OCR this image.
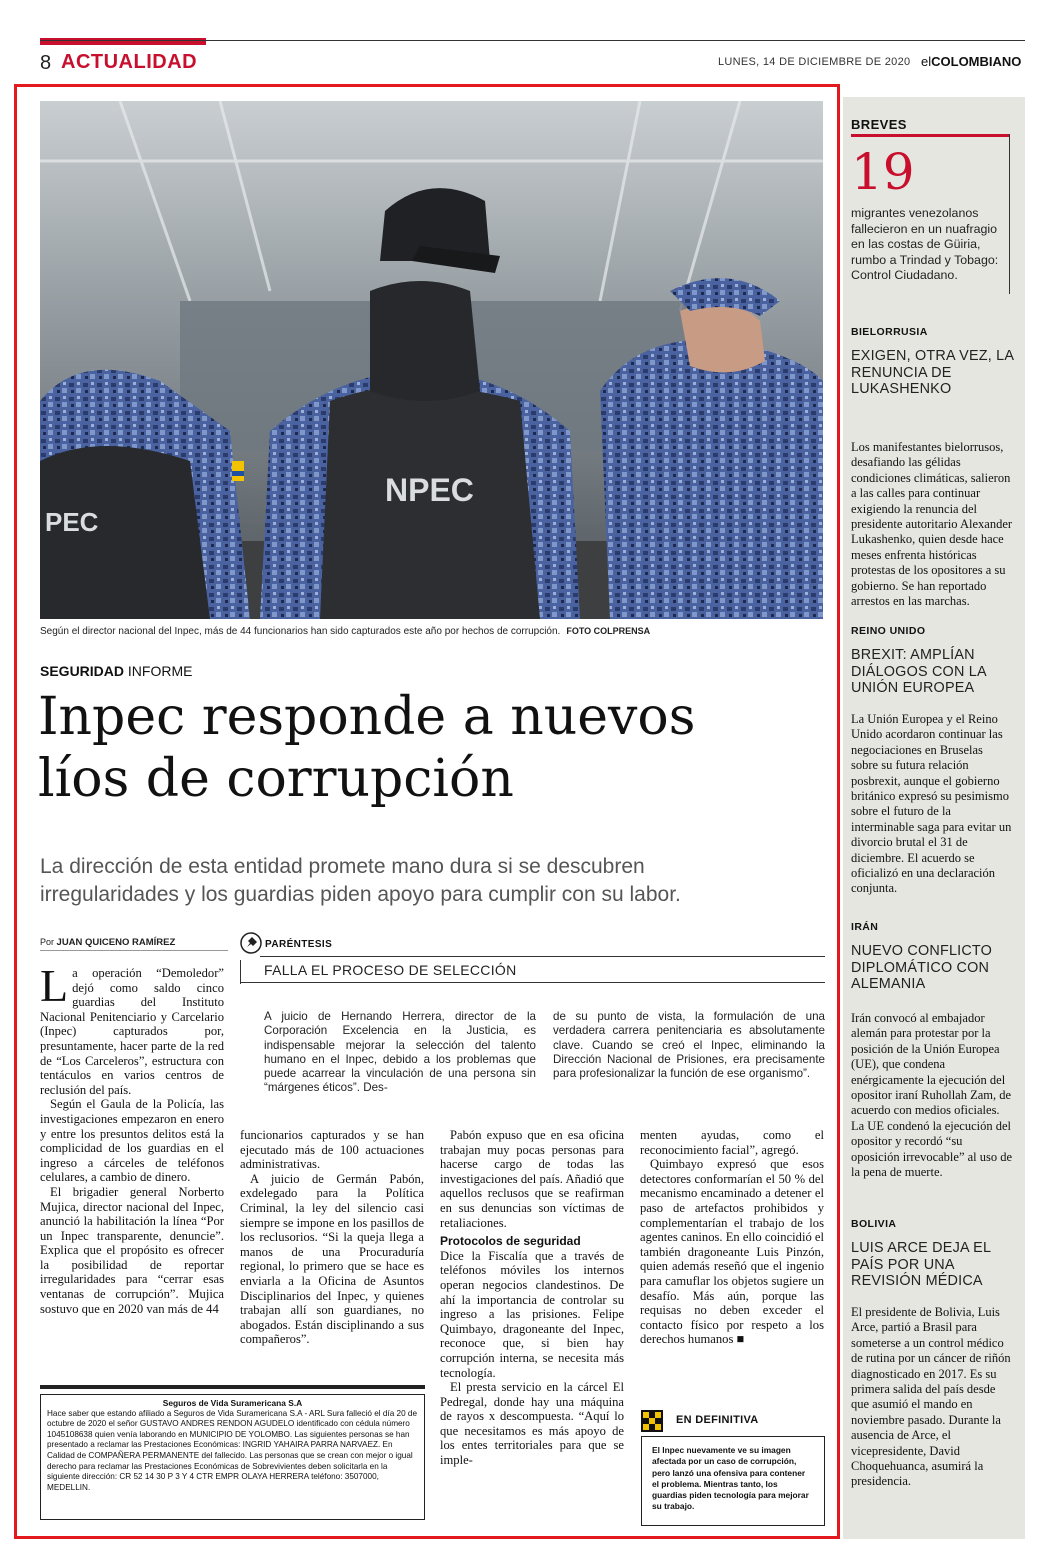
8 ACTUALIDAD	LUNES, 14 DE DICIEMBRE DE 2020 elCOLOMBIANO
PEC
NPEC
Según el director nacional del Inpec, más de 44 funcionarios han sido capturados este año por hechos de corrupción. FOTO COLPRENSA
SEGURIDAD INFORME
Inpec responde a nuevos
líos de corrupción
La dirección de esta entidad promete mano dura si se descubren
irregularidades y los guardias piden apoyo para cumplir con su labor.
Por JUAN QUICENO RAMÍREZ

La operación “Demoledor” dejó como saldo cinco guardias del Instituto Nacional Penitenciario y Carcelario (Inpec) capturados por, presuntamente, hacer parte de la red de “Los Carceleros”, estructura con tentáculos en varios centros de reclusión del país.

Según el Gaula de la Policía, las investigaciones empezaron en enero y entre los presuntos delitos está la complicidad de los guardias en el ingreso a cárceles de teléfonos celulares, a cambio de dinero.

El brigadier general Norberto Mujica, director nacional del Inpec, anunció la habilitación la línea “Por un Inpec transparente, denuncie”. Explica que el propósito es ofrecer la posibilidad de reportar irregularidades para “cerrar esas ventanas de corrupción”. Mujica sostuvo que en 2020 van más de 44

PARÉNTESIS
FALLA EL PROCESO DE SELECCIÓN
A juicio de Hernando Herrera, director de la Corporación Excelencia en la Justicia, es indispensable mejorar la selección del talento humano en el Inpec, debido a los problemas que puede acarrear la vinculación de una persona sin “márgenes éticos”. Des-
de su punto de vista, la formulación de una verdadera carrera penitenciaria es absolutamente clave. Cuando se creó el Inpec, eliminando la Dirección Nacional de Prisiones, era precisamente para profesionalizar la función de ese organismo”.

funcionarios capturados y se han ejecutado más de 100 actuaciones administrativas.

A juicio de Germán Pabón, exdelegado para la Política Criminal, la ley del silencio casi siempre se impone en los pasillos de los reclusorios. “Si la queja llega a manos de una Procuraduría regional, lo primero que se hace es enviarla a la Oficina de Asuntos Disciplinarios del Inpec, y quienes trabajan allí son guardianes, no abogados. Están disciplinando a sus compañeros”.

Pabón expuso que en esa oficina trabajan muy pocas personas para hacerse cargo de todas las investigaciones del país. Añadió que aquellos reclusos que se reafirman en sus denuncias son víctimas de retaliaciones.

Protocolos de seguridad

Dice la Fiscalía que a través de teléfonos móviles los internos operan negocios clandestinos. De ahí la importancia de controlar su ingreso a las prisiones. Felipe Quimbayo, dragoneante del Inpec, reconoce que, si bien hay corrupción interna, se necesita más tecnología.

El presta servicio en la cárcel El Pedregal, donde hay una máquina de rayos x descompuesta. “Aquí lo que necesitamos es más apoyo de los entes territoriales para que se imple-

menten ayudas, como el reconocimiento facial”, agregó.

Quimbayo expresó que esos detectores conformarían el 50 % del mecanismo encaminado a detener el paso de artefactos prohibidos y complementarían el trabajo de los agentes caninos. En ello coincidió el también dragoneante Luis Pinzón, quien además reseñó que el ingenio para camuflar los objetos sugiere un desafío. Más aún, porque las requisas no deben exceder el contacto físico por respeto a los derechos humanos ■

Seguros de Vida Suramericana S.A
Hace saber que estando afiliado a Seguros de Vida Suramericana S.A - ARL Sura falleció el día 20 de octubre de 2020 el señor GUSTAVO ANDRES RENDON AGUDELO identificado con cédula número 1045108638 quien venía laborando en MUNICIPIO DE YOLOMBO. Las siguientes personas se han presentado a reclamar las Prestaciones Económicas: INGRID YAHAIRA PARRA NARVAEZ. En Calidad de COMPAÑERA PERMANENTE del fallecido. Las personas que se crean con mejor o igual derecho para reclamar las Prestaciones Económicas de Sobrevivientes deben solicitarla en la siguiente dirección: CR 52 14 30 P 3 Y 4 CTR EMPR OLAYA HERRERA teléfono: 3507000, MEDELLIN.
EN DEFINITIVA
El Inpec nuevamente ve su imagen afectada por un caso de corrupción, pero lanzó una ofensiva para contener el problema. Mientras tanto, los guardias piden tecnología para mejorar su trabajo.
BREVES
19
migrantes venezolanos fallecieron en un nuafragio en las costas de Güiria, rumbo a Trindad y Tobago: Control Ciudadano.
BIELORRUSIA
EXIGEN, OTRA VEZ, LA RENUNCIA DE LUKASHENKO
Los manifestantes bielorrusos, desafiando las gélidas condiciones climáticas, salieron a las calles para continuar exigiendo la renuncia del presidente autoritario Alexander Lukashenko, quien desde hace meses enfrenta históricas protestas de los opositores a su gobierno. Se han reportado arrestos en las marchas.
REINO UNIDO
BREXIT: AMPLÍAN DIÁLOGOS CON LA UNIÓN EUROPEA
La Unión Europea y el Reino Unido acordaron continuar las negociaciones en Bruselas sobre su futura relación posbrexit, aunque el gobierno británico expresó su pesimismo sobre el futuro de la interminable saga para evitar un divorcio brutal el 31 de diciembre. El acuerdo se oficializó en una declaración conjunta.
IRÁN
NUEVO CONFLICTO DIPLOMÁTICO CON ALEMANIA
Irán convocó al embajador alemán para protestar por la posición de la Unión Europea (UE), que condena enérgicamente la ejecución del opositor iraní Ruhollah Zam, de acuerdo con medios oficiales. La UE condenó la ejecución del opositor y recordó “su oposición irrevocable” al uso de la pena de muerte.
BOLIVIA
LUIS ARCE DEJA EL PAÍS POR UNA REVISIÓN MÉDICA
El presidente de Bolivia, Luis Arce, partió a Brasil para someterse a un control médico de rutina por un cáncer de riñón diagnosticado en 2017. Es su primera salida del país desde que asumió el mando en noviembre pasado. Durante la ausencia de Arce, el vicepresidente, David Choquehuanca, asumirá la presidencia.
